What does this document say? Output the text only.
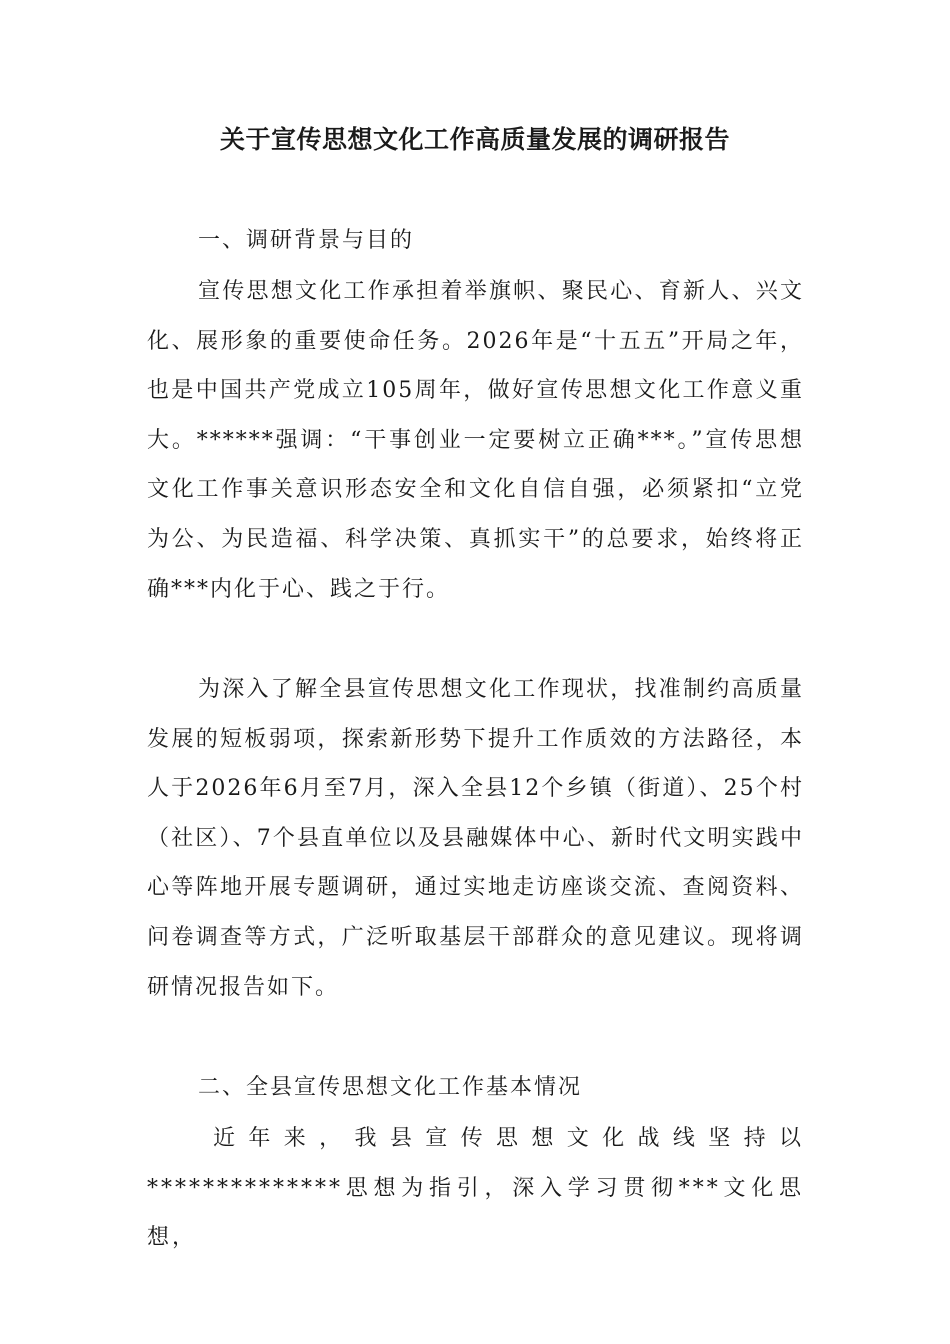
关于宣传思想文化工作高质量发展的调研报告
一、调研背景与目的

宣传思想文化工作承担着举旗帜、聚民心、育新人、兴文化、展形象的重要使命任务。2026年是“十五五”开局之年，也是中国共产党成立105周年，做好宣传思想文化工作意义重大。******强调：“干事创业一定要树立正确***。”宣传思想文化工作事关意识形态安全和文化自信自强，必须紧扣“立党为公、为民造福、科学决策、真抓实干”的总要求，始终将正确***内化于心、践之于行。

为深入了解全县宣传思想文化工作现状，找准制约高质量发展的短板弱项，探索新形势下提升工作质效的方法路径，本人于2026年6月至7月，深入全县12个乡镇（街道）、25个村（社区）、7个县直单位以及县融媒体中心、新时代文明实践中心等阵地开展专题调研，通过实地走访座谈交流、查阅资料、问卷调查等方式，广泛听取基层干部群众的意见建议。现将调研情况报告如下。

二、全县宣传思想文化工作基本情况

近年来，我县宣传思想文化战线坚持以**************思想为指引，深入学习贯彻***文化思想，
